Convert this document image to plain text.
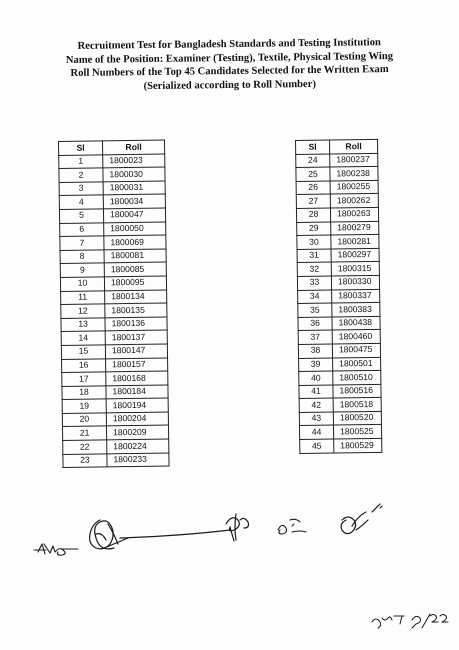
Recruitment Test for Bangladesh Standards and Testing Institution
Name of the Position: Examiner (Testing), Textile, Physical Testing Wing
Roll Numbers of the Top 45 Candidates Selected for the Written Exam
(Serialized according to Roll Number)
Sl	Roll
1	1800023
2	1800030
3	1800031
4	1800034
5	1800047
6	1800050
7	1800069
8	1800081
9	1800085
10	1800095
11	1800134
12	1800135
13	1800136
14	1800137
15	1800147
16	1800157
17	1800168
18	1800184
19	1800194
20	1800204
21	1800209
22	1800224
23	1800233
Sl	Roll
24	1800237
25	1800238
26	1800255
27	1800262
28	1800263
29	1800279
30	1800281
31	1800297
32	1800315
33	1800330
34	1800337
35	1800383
36	1800438
37	1800460
38	1800475
39	1800501
40	1800510
41	1800516
42	1800518
43	1800520
44	1800525
45	1800529
